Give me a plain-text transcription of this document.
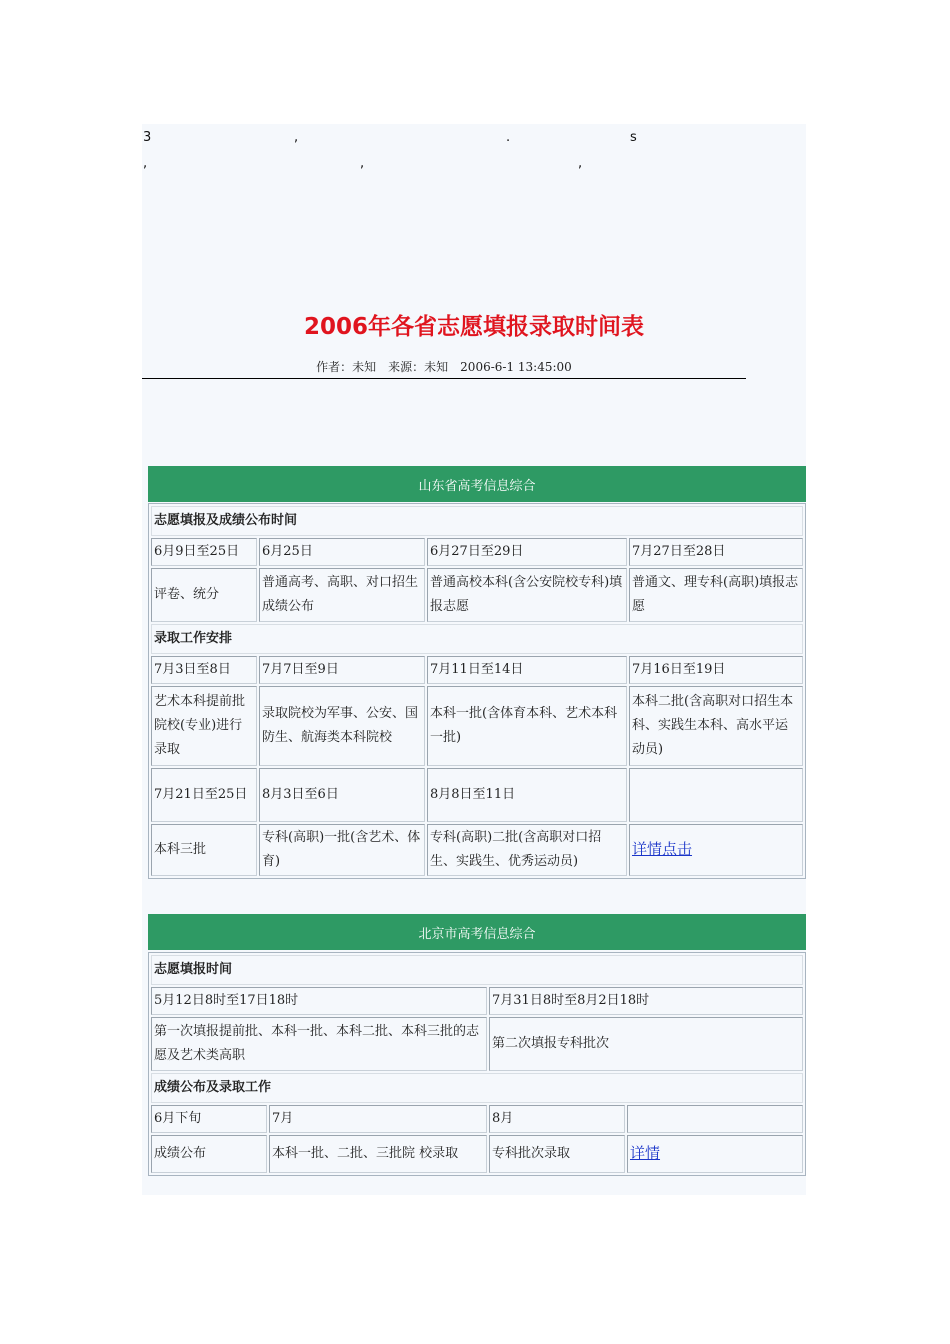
3	,	.	s
,	,	,
2006年各省志愿填报录取时间表
作者：未知　来源：未知　2006-6-1 13:45:00
山东省高考信息综合
志愿填报及成绩公布时间			
6月9日至25日	6月25日	6月27日至29日	7月27日至28日
评卷、统分	普通高考、高职、对口招生成绩公布	普通高校本科(含公安院校专科)填报志愿	普通文、理专科(高职)填报志愿
录取工作安排			
7月3日至8日	7月7日至9日	7月11日至14日	7月16日至19日
艺术本科提前批院校(专业)进行录取	录取院校为军事、公安、国防生、航海类本科院校	本科一批(含体育本科、艺术本科一批)	本科二批(含高职对口招生本科、实践生本科、高水平运动员)
7月21日至25日	8月3日至6日	8月8日至11日	
本科三批	专科(高职)一批(含艺术、体育)	专科(高职)二批(含高职对口招生、实践生、优秀运动员)	详情点击
北京市高考信息综合
志愿填报时间			
5月12日8时至17日18时		7月31日8时至8月2日18时	
第一次填报提前批、本科一批、本科二批、本科三批的志愿及艺术类高职		第二次填报专科批次	
成绩公布及录取工作			
6月下旬	7月	8月	
成绩公布	本科一批、二批、三批院 校录取	专科批次录取	详情
